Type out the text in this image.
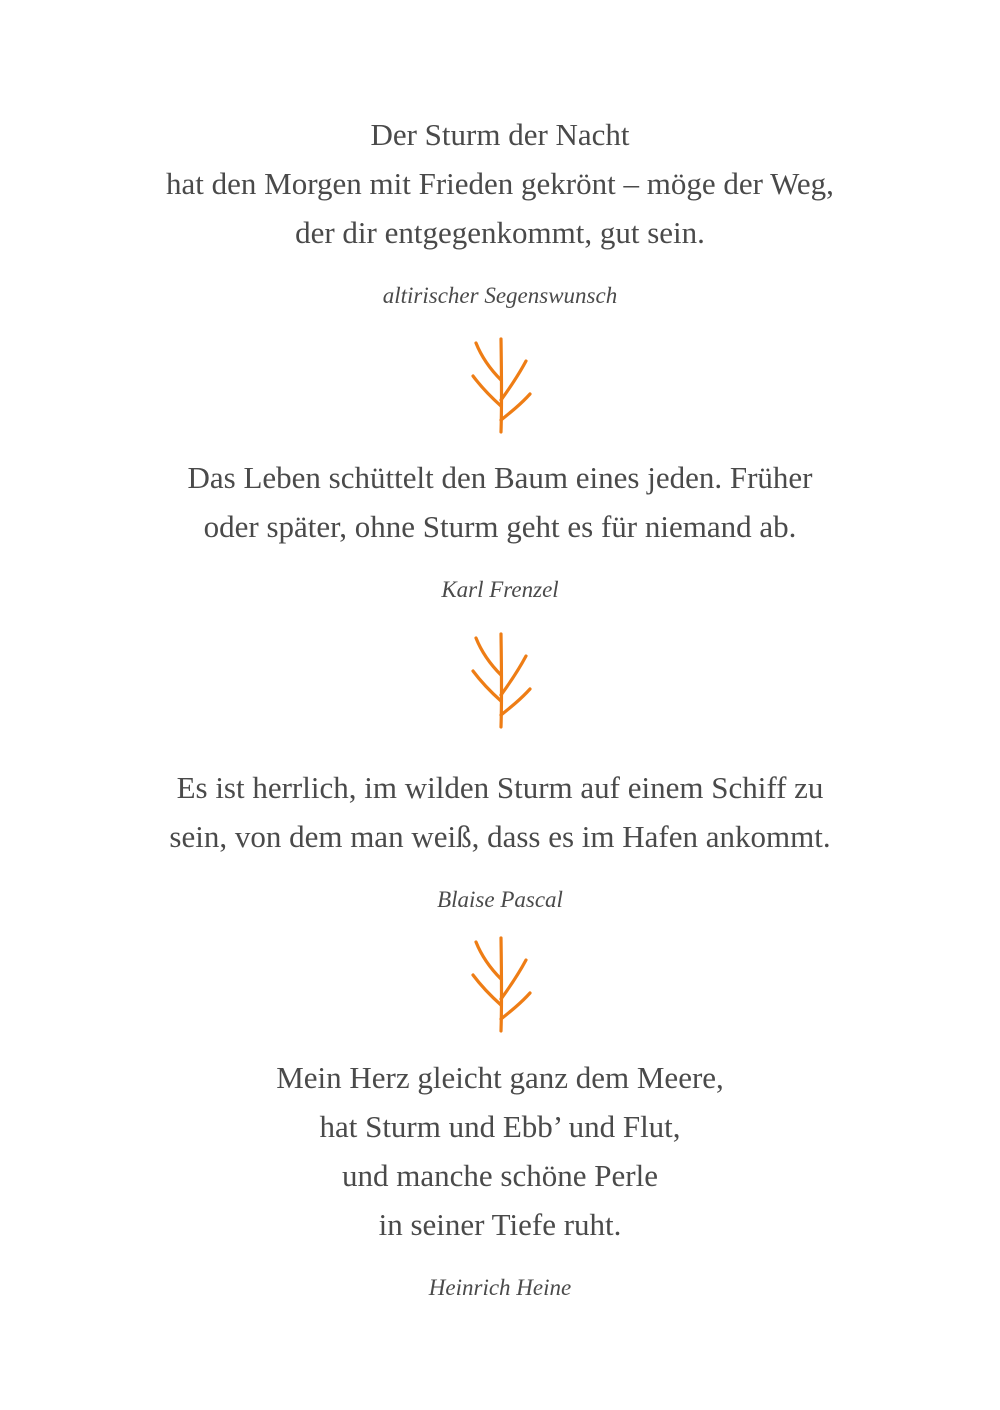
Der Sturm der Nacht
hat den Morgen mit Frieden gekrönt – möge der Weg,
der dir entgegenkommt, gut sein.
altirischer Segenswunsch
Das Leben schüttelt den Baum eines jeden. Früher
oder später, ohne Sturm geht es für niemand ab.
Karl Frenzel
Es ist herrlich, im wilden Sturm auf einem Schiff zu
sein, von dem man weiß, dass es im Hafen ankommt.
Blaise Pascal
Mein Herz gleicht ganz dem Meere,
hat Sturm und Ebb’ und Flut,
und manche schöne Perle
in seiner Tiefe ruht.
Heinrich Heine
